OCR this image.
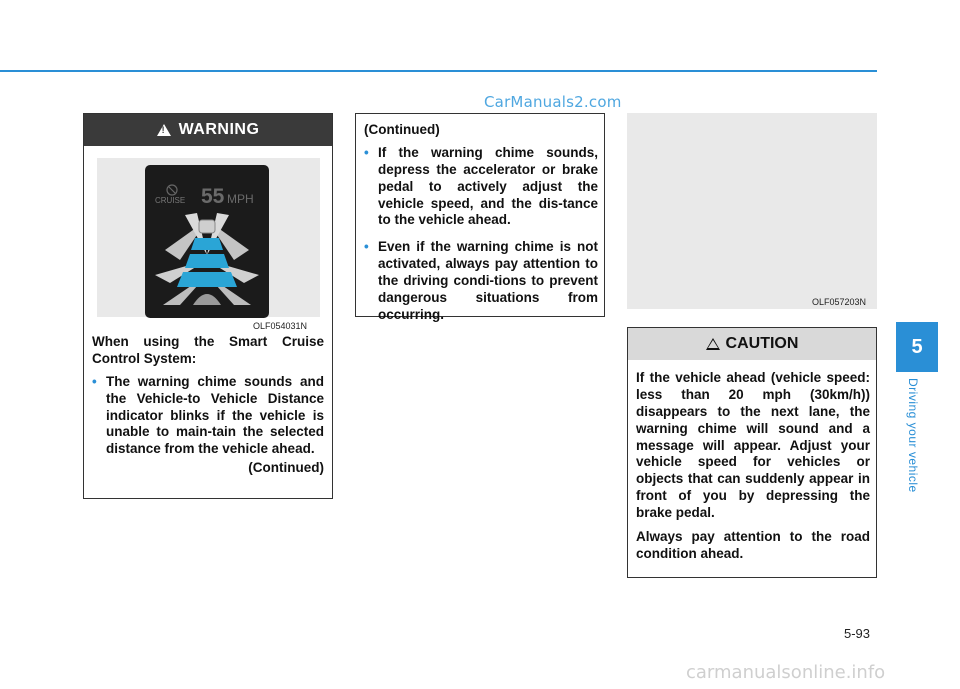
CarManuals2.com
! WARNING
CRUISE 55 MPH
OLF054031N
When using the Smart Cruise Control System:
• The warning chime sounds and the Vehicle-to Vehicle Distance indicator blinks if the vehicle is unable to main-tain the selected distance from the vehicle ahead.
(Continued)
(Continued)
• If the warning chime sounds, depress the accelerator or brake pedal to actively adjust the vehicle speed, and the dis-tance to the vehicle ahead.
• Even if the warning chime is not activated, always pay attention to the driving condi-tions to prevent dangerous situations from occurring.
OLF057203N
CAUTION

If the vehicle ahead (vehicle speed: less than 20 mph (30km/h)) disappears to the next lane, the warning chime will sound and a message will appear. Adjust your vehicle speed for vehicles or objects that can suddenly appear in front of you by depressing the brake pedal.

Always pay attention to the road condition ahead.

5
Driving your vehicle
5-93
carmanualsonline.info
